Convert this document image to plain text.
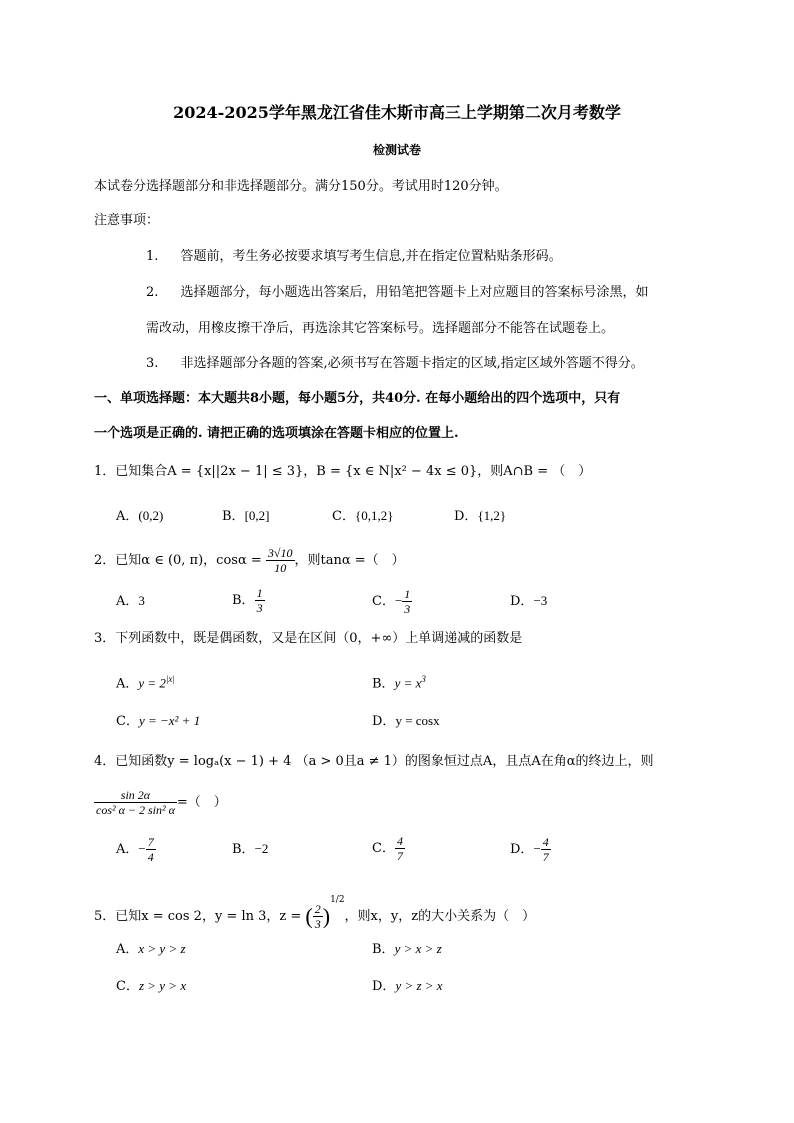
2024-2025学年黑龙江省佳木斯市高三上学期第二次月考数学
检测试卷
本试卷分选择题部分和非选择题部分。满分150分。考试用时120分钟。
注意事项：
1. 答题前，考生务必按要求填写考生信息,并在指定位置粘贴条形码。
2. 选择题部分，每小题选出答案后，用铅笔把答题卡上对应题目的答案标号涂黑，如
需改动，用橡皮擦干净后，再选涂其它答案标号。选择题部分不能答在试题卷上。
3. 非选择题部分各题的答案,必须书写在答题卡指定的区域,指定区域外答题不得分。
一、单项选择题：本大题共8小题，每小题5分，共40分. 在每小题给出的四个选项中，只有
一个选项是正确的. 请把正确的选项填涂在答题卡相应的位置上.
1．已知集合A = {x||2x − 1| ≤ 3}，B = {x ∈ N|x² − 4x ≤ 0}，则A∩B = （　）
A．(0,2)	B．[0,2]	C．{0,1,2}	D．{1,2}
2．已知α ∈ (0, π)，$\cos\alpha = \frac{3√10}{10}$ ，则tanα =（　）
A．3	B． $\frac{1}{3}$	C．− $\frac{1}{3}$	D．−3
3．下列函数中，既是偶函数，又是在区间（0，+∞）上单调递减的函数是
A．$y = 2^{|x|}$	B．$y = x^3$
C．y = −x² + 1	D．y = cosx
4．已知函数y = logₐ(x − 1) + 4 （a > 0且a ≠ 1）的图象恒过点A，且点A在角α的终边上，则
$\frac{\sin 2\alpha}{\text{cos² α − 2 sin² α}}$ =（　）
A．− $\frac{7}{4}$	B．−2	C． $\frac{4}{7}$	D．− $\frac{4}{7}$
5．已知x = cos 2，y = ln 3，z = ( $\frac{2}{3} )^{1/2}$，则x，y，z的大小关系为（　）
A．x > y > z	B．y > x > z
C．z > y > x	D．y > z > x
